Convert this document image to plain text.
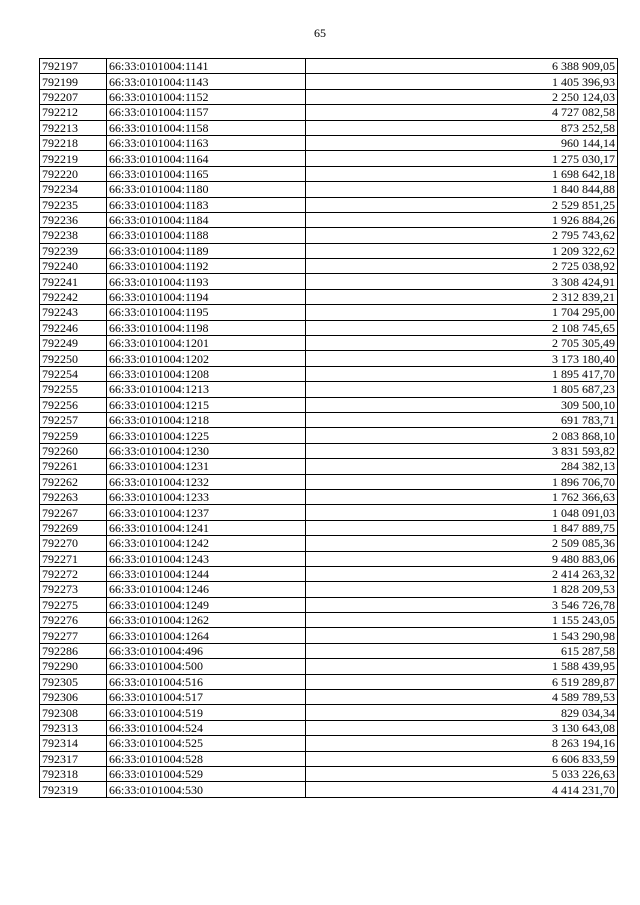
65
792197	66:33:0101004:1141	6 388 909,05
792199	66:33:0101004:1143	1 405 396,93
792207	66:33:0101004:1152	2 250 124,03
792212	66:33:0101004:1157	4 727 082,58
792213	66:33:0101004:1158	873 252,58
792218	66:33:0101004:1163	960 144,14
792219	66:33:0101004:1164	1 275 030,17
792220	66:33:0101004:1165	1 698 642,18
792234	66:33:0101004:1180	1 840 844,88
792235	66:33:0101004:1183	2 529 851,25
792236	66:33:0101004:1184	1 926 884,26
792238	66:33:0101004:1188	2 795 743,62
792239	66:33:0101004:1189	1 209 322,62
792240	66:33:0101004:1192	2 725 038,92
792241	66:33:0101004:1193	3 308 424,91
792242	66:33:0101004:1194	2 312 839,21
792243	66:33:0101004:1195	1 704 295,00
792246	66:33:0101004:1198	2 108 745,65
792249	66:33:0101004:1201	2 705 305,49
792250	66:33:0101004:1202	3 173 180,40
792254	66:33:0101004:1208	1 895 417,70
792255	66:33:0101004:1213	1 805 687,23
792256	66:33:0101004:1215	309 500,10
792257	66:33:0101004:1218	691 783,71
792259	66:33:0101004:1225	2 083 868,10
792260	66:33:0101004:1230	3 831 593,82
792261	66:33:0101004:1231	284 382,13
792262	66:33:0101004:1232	1 896 706,70
792263	66:33:0101004:1233	1 762 366,63
792267	66:33:0101004:1237	1 048 091,03
792269	66:33:0101004:1241	1 847 889,75
792270	66:33:0101004:1242	2 509 085,36
792271	66:33:0101004:1243	9 480 883,06
792272	66:33:0101004:1244	2 414 263,32
792273	66:33:0101004:1246	1 828 209,53
792275	66:33:0101004:1249	3 546 726,78
792276	66:33:0101004:1262	1 155 243,05
792277	66:33:0101004:1264	1 543 290,98
792286	66:33:0101004:496	615 287,58
792290	66:33:0101004:500	1 588 439,95
792305	66:33:0101004:516	6 519 289,87
792306	66:33:0101004:517	4 589 789,53
792308	66:33:0101004:519	829 034,34
792313	66:33:0101004:524	3 130 643,08
792314	66:33:0101004:525	8 263 194,16
792317	66:33:0101004:528	6 606 833,59
792318	66:33:0101004:529	5 033 226,63
792319	66:33:0101004:530	4 414 231,70
